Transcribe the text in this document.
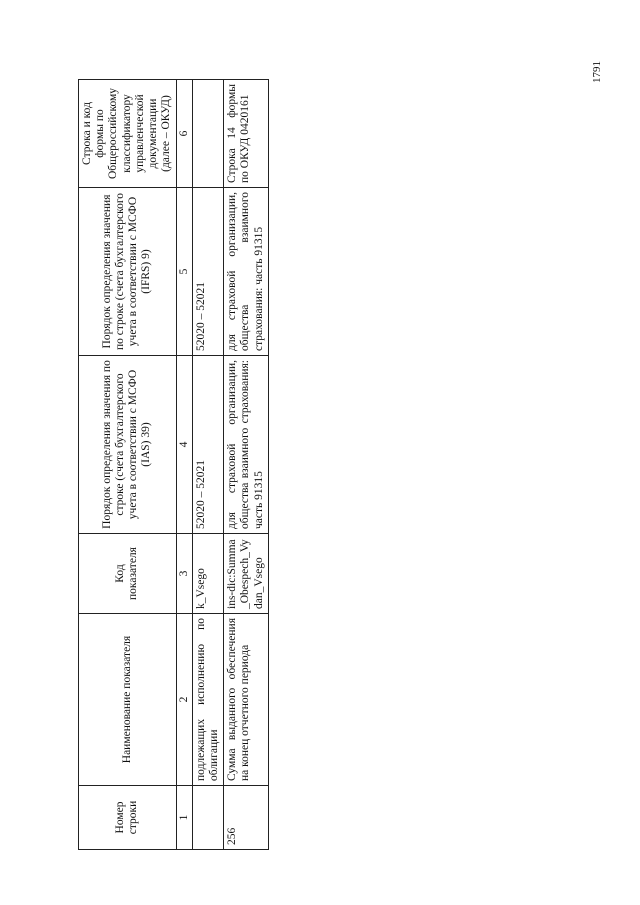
1791
Номер строки	Наименование показателя	Код показателя	Порядок определения значения по строке (счета бухгалтерского учета в соответствии с МСФО (IAS) 39)	Порядок определения значения по строке (счета бухгалтерского учета в соответствии с МСФО (IFRS) 9)	Строка и код формы по Общероссийскому классификатору управленческой документации (далее – ОКУД)
1	2	3	4	5	6
	подлежащих исполнению по облигации	k_Vsego	52020 – 52021	52020 – 52021	
256	Сумма выданного обеспечения на конец отчетного периода	ins-dic:Summa_Obespech_Vydan_Vsego	для страховой организации, общества взаимного страхования: часть 91315	для страховой организации, общества взаимного страхования: часть 91315	Строка 14 формы по ОКУД 0420161
